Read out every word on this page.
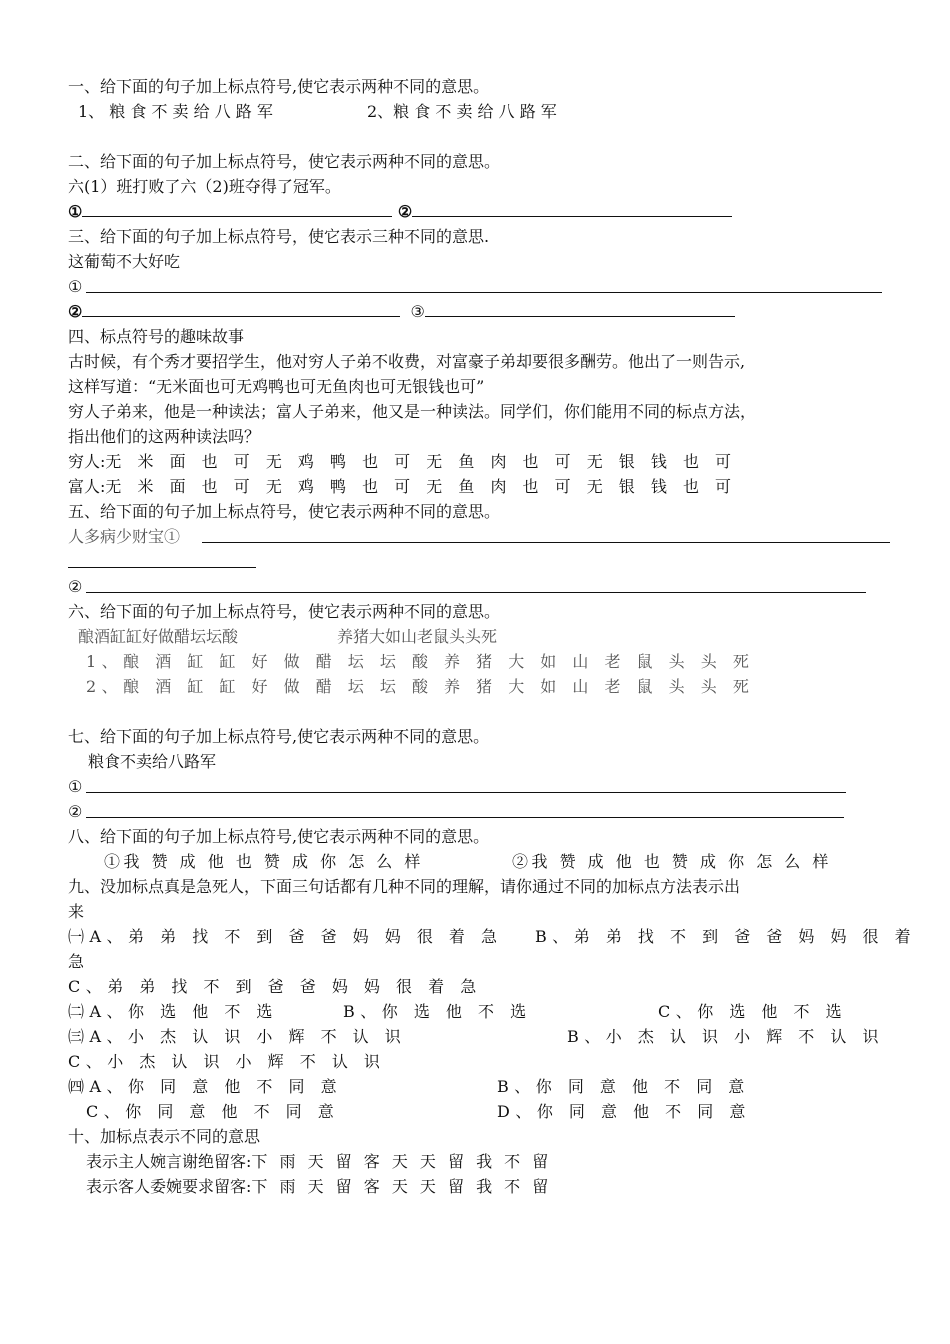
一、给下面的句子加上标点符号,使它表示两种不同的意思。
1、 粮 食 不 卖 给 八 路 军	2、粮 食 不 卖 给 八 路 军
二、给下面的句子加上标点符号，使它表示两种不同的意思。
六(1）班打败了六（2)班夺得了冠军。
①	②
三、给下面的句子加上标点符号，使它表示三种不同的意思.
这葡萄不大好吃
①
②	③
四、标点符号的趣味故事
古时候，有个秀才要招学生，他对穷人子弟不收费，对富豪子弟却要很多酬劳。他出了一则告示,
这样写道：“无米面也可无鸡鸭也可无鱼肉也可无银钱也可”
穷人子弟来，他是一种读法；富人子弟来，他又是一种读法。同学们，你们能用不同的标点方法，
指出他们的这两种读法吗？
穷人:无 米 面 也 可 无 鸡 鸭 也 可 无 鱼 肉 也 可 无 银 钱 也 可
富人:无 米 面 也 可 无 鸡 鸭 也 可 无 鱼 肉 也 可 无 银 钱 也 可
五、给下面的句子加上标点符号，使它表示两种不同的意思。
人多病少财宝①
②
六、给下面的句子加上标点符号，使它表示两种不同的意思。
酿酒缸缸好做醋坛坛酸	养猪大如山老鼠头头死
1、酿 酒 缸 缸 好 做 醋 坛 坛 酸 养 猪 大 如 山 老 鼠 头 头 死
2、酿 酒 缸 缸 好 做 醋 坛 坛 酸 养 猪 大 如 山 老 鼠 头 头 死
七、给下面的句子加上标点符号,使它表示两种不同的意思。
粮食不卖给八路军
①
②
八、给下面的句子加上标点符号,使它表示两种不同的意思。
①我 赞 成 他 也 赞 成 你 怎 么 样	②我 赞 成 他 也 赞 成 你 怎 么 样
九、没加标点真是急死人，下面三句话都有几种不同的理解，请你通过不同的加标点方法表示出
来
㈠A、弟 弟 找 不 到 爸 爸 妈 妈 很 着 急 B、弟 弟 找 不 到 爸 爸 妈 妈 很 着
急
C、弟 弟 找 不 到 爸 爸 妈 妈 很 着 急
㈡A、你 选 他 不 选	B、你 选 他 不 选	C、你 选 他 不 选
㈢A、小 杰 认 识 小 辉 不 认 识	B、小 杰 认 识 小 辉 不 认 识
C、小 杰 认 识 小 辉 不 认 识
㈣A、你 同 意 他 不 同 意	B、你 同 意 他 不 同 意
C、你 同 意 他 不 同 意	D、你 同 意 他 不 同 意
十、加标点表示不同的意思
表示主人婉言谢绝留客:下 雨 天 留 客 天 天 留 我 不 留
表示客人委婉要求留客:下 雨 天 留 客 天 天 留 我 不 留
